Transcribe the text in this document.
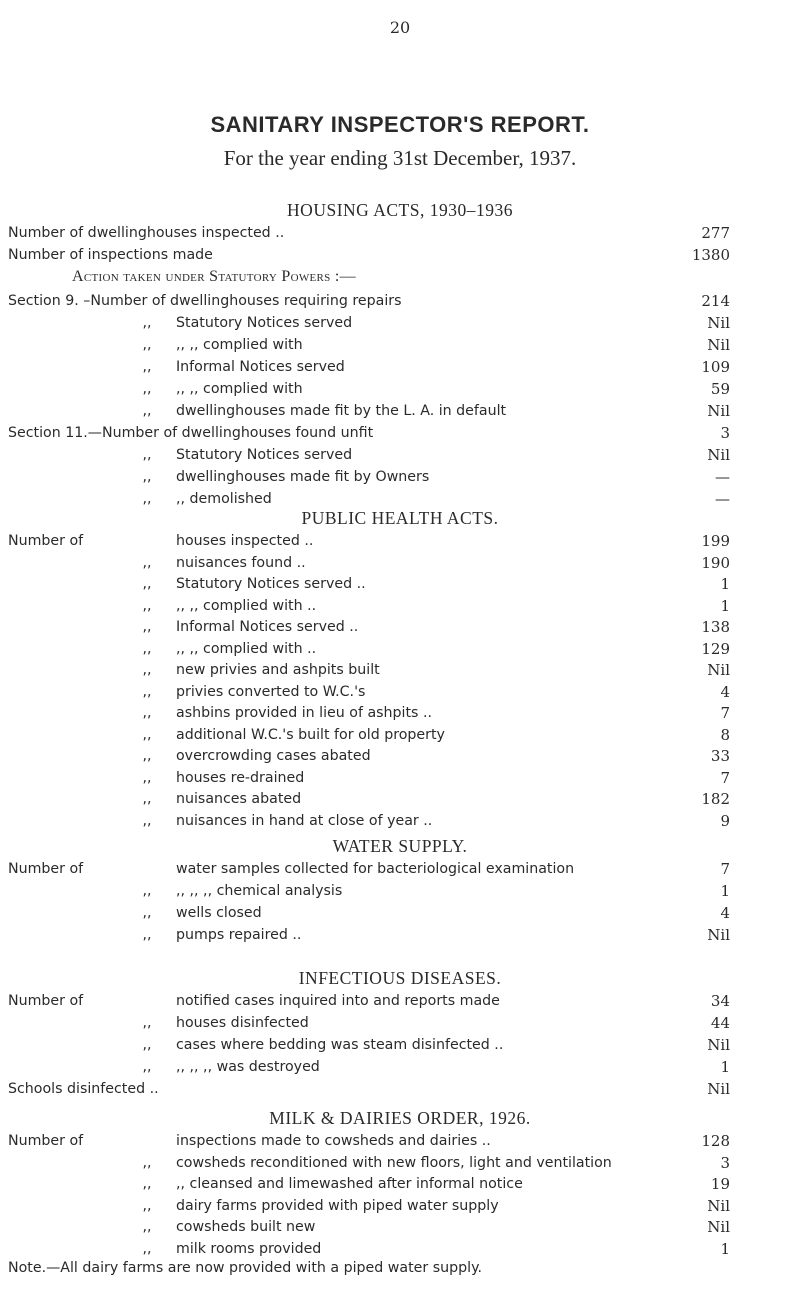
20
SANITARY INSPECTOR'S REPORT.
For the year ending 31st December, 1937.
HOUSING ACTS, 1930–1936
Number of dwellinghouses inspected ..	277
Number of inspections made	1380
Action taken under Statutory Powers :—
Section 9. –Number of dwellinghouses requiring repairs	214
,,	Statutory Notices served	Nil
,,	,, ,, complied with	Nil
,,	Informal Notices served	109
,,	,, ,, complied with	59
,,	dwellinghouses made fit by the L. A. in default	Nil
Section 11.—Number of dwellinghouses found unfit	3
,,	Statutory Notices served	Nil
,,	dwellinghouses made fit by Owners	—
,,	,, demolished	—
PUBLIC HEALTH ACTS.
Number of	houses inspected ..	199
,,	nuisances found ..	190
,,	Statutory Notices served ..	1
,,	,, ,, complied with ..	1
,,	Informal Notices served ..	138
,,	,, ,, complied with ..	129
,,	new privies and ashpits built	Nil
,,	privies converted to W.C.'s	4
,,	ashbins provided in lieu of ashpits ..	7
,,	additional W.C.'s built for old property	8
,,	overcrowding cases abated	33
,,	houses re-drained	7
,,	nuisances abated	182
,,	nuisances in hand at close of year ..	9
WATER SUPPLY.
Number of	water samples collected for bacteriological examination	7
,,	,, ,, ,, chemical analysis	1
,,	wells closed	4
,,	pumps repaired ..	Nil
INFECTIOUS DISEASES.
Number of	notified cases inquired into and reports made	34
,,	houses disinfected	44
,,	cases where bedding was steam disinfected ..	Nil
,,	,, ,, ,, was destroyed	1
Schools disinfected ..	Nil
MILK & DAIRIES ORDER, 1926.
Number of	inspections made to cowsheds and dairies ..	128
,,	cowsheds reconditioned with new floors, light and ventilation	3
,,	,, cleansed and limewashed after informal notice	19
,,	dairy farms provided with piped water supply	Nil
,,	cowsheds built new	Nil
,,	milk rooms provided	1
Note.—All dairy farms are now provided with a piped water supply.
